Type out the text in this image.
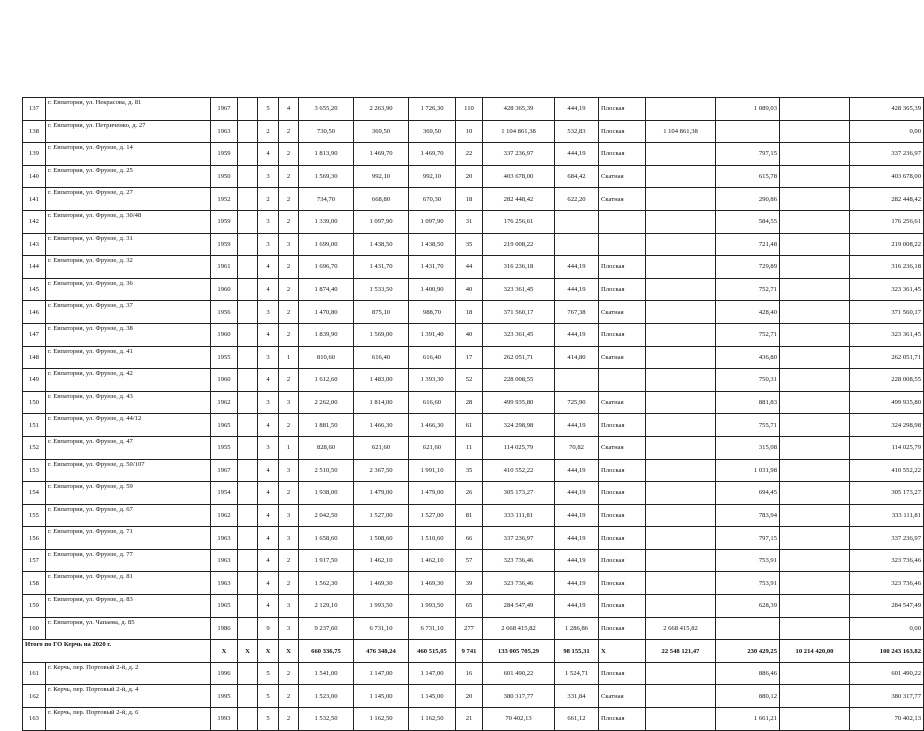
137	г. Евпатория, ул. Некрасова, д. 81	1967		5	4	3 655,20	2 263,90	1 726,30	110	428 365,39	444,19	Плоская		1 089,03		428 365,39
138	г. Евпатория, ул. Петриченко, д. 27	1963		2	2	730,50	369,50	369,50	10	1 104 861,38	532,83	Плоская	1 104 861,38			0,00
139	г. Евпатория, ул. Фрунзе, д. 14	1959		4	2	1 813,90	1 469,70	1 469,70	22	337 236,97	444,19	Плоская		797,15		337 236,97
140	г. Евпатория, ул. Фрунзе, д. 25	1950		3	2	1 569,30	992,10	992,10	20	403 678,00	684,42	Скатная		615,78		403 678,00
141	г. Евпатория, ул. Фрунзе, д. 27	1952		2	2	734,70	668,80	670,30	18	282 448,42	622,20	Скатная		290,86		282 448,42
142	г. Евпатория, ул. Фрунзе, д. 30/48	1959		3	2	1 339,00	1 097,90	1 097,90	31	176 256,61				584,55		176 256,61
143	г. Евпатория, ул. Фрунзе, д. 31	1959		3	3	1 699,00	1 438,50	1 438,50	35	219 008,22				721,48		219 008,22
144	г. Евпатория, ул. Фрунзе, д. 32	1961		4	2	1 696,70	1 431,70	1 431,70	44	316 236,18	444,19	Плоская		729,89		316 236,18
145	г. Евпатория, ул. Фрунзе, д. 36	1960		4	2	1 874,40	1 533,50	1 400,90	40	323 361,45	444,19	Плоская		752,71		323 361,45
146	г. Евпатория, ул. Фрунзе, д. 37	1956		3	2	1 470,80	875,10	988,70	18	371 560,17	767,38	Скатная		428,40		371 560,17
147	г. Евпатория, ул. Фрунзе, д. 38	1960		4	2	1 839,90	1 569,00	1 391,40	40	323 361,45	444,19	Плоская		752,71		323 361,45
148	г. Евпатория, ул. Фрунзе, д. 41	1955		3	1	810,60	616,40	616,40	17	262 051,71	414,80	Скатная		436,80		262 051,71
149	г. Евпатория, ул. Фрунзе, д. 42	1960		4	2	1 612,60	1 483,00	1 393,30	52	228 008,55				750,31		228 008,55
150	г. Евпатория, ул. Фрунзе, д. 43	1962		3	3	2 262,00	1 814,00	616,60	28	499 935,80	725,90	Скатная		881,83		499 935,80
151	г. Евпатория, ул. Фрунзе, д. 44/12	1965		4	2	1 881,50	1 466,30	1 466,30	61	324 298,98	444,19	Плоская		755,71		324 298,98
152	г. Евпатория, ул. Фрунзе, д. 47	1955		3	1	828,60	621,60	621,60	11	114 025,79	70,82	Скатная		315,08		114 025,79
153	г. Евпатория, ул. Фрунзе, д. 50/107	1967		4	3	2 510,50	2 367,50	1 991,10	35	410 552,22	444,19	Плоская		1 031,98		410 552,22
154	г. Евпатория, ул. Фрунзе, д. 59	1954		4	2	1 938,00	1 479,00	1 479,00	26	305 173,27	444,19	Плоская		694,45		305 173,27
155	г. Евпатория, ул. Фрунзе, д. 67	1962		4	3	2 042,50	1 527,00	1 527,00	81	333 111,81	444,19	Плоская		783,94		333 111,81
156	г. Евпатория, ул. Фрунзе, д. 71	1963		4	3	1 658,60	1 508,60	1 510,60	66	337 236,97	444,19	Плоская		797,15		337 236,97
157	г. Евпатория, ул. Фрунзе, д. 77	1963		4	2	1 917,50	1 462,10	1 462,10	57	323 736,46	444,19	Плоская		753,91		323 736,46
158	г. Евпатория, ул. Фрунзе, д. 81	1963		4	2	1 562,30	1 469,30	1 469,30	39	323 736,46	444,19	Плоская		753,91		323 736,46
159	г. Евпатория, ул. Фрунзе, д. 83	1965		4	3	2 129,10	1 993,50	1 993,50	65	284 547,49	444,19	Плоская		628,39		284 547,49
160	г. Евпатория, ул. Чапаева, д. 85	1986		9	3	9 237,60	6 731,10	6 731,10	277	2 668 415,82	1 286,86	Плоская	2 668 415,82			0,00
Итого по ГО Керчь на 2020 г.		X	X	X	X	660 336,75	476 348,24	460 515,05	9 741	133 005 705,29	98 155,31	X	22 548 121,47	230 429,25	10 214 420,00	100 243 163,82
161	г. Керчь, пер. Портовый 2-й, д. 2	1996		5	2	1 541,00	1 147,00	1 147,00	16	601 490,22	1 524,71	Плоская		886,46		601 490,22
162	г. Керчь, пер. Портовый 2-й, д. 4	1995		5	2	1 523,00	1 145,00	1 145,00	20	380 317,77	331,84	Скатная		880,12		380 317,77
163	г. Керчь, пер. Портовый 2-й, д. 6	1993		5	2	1 532,50	1 162,50	1 162,50	21	70 402,13	661,12	Плоская		1 661,21		70 402,13
